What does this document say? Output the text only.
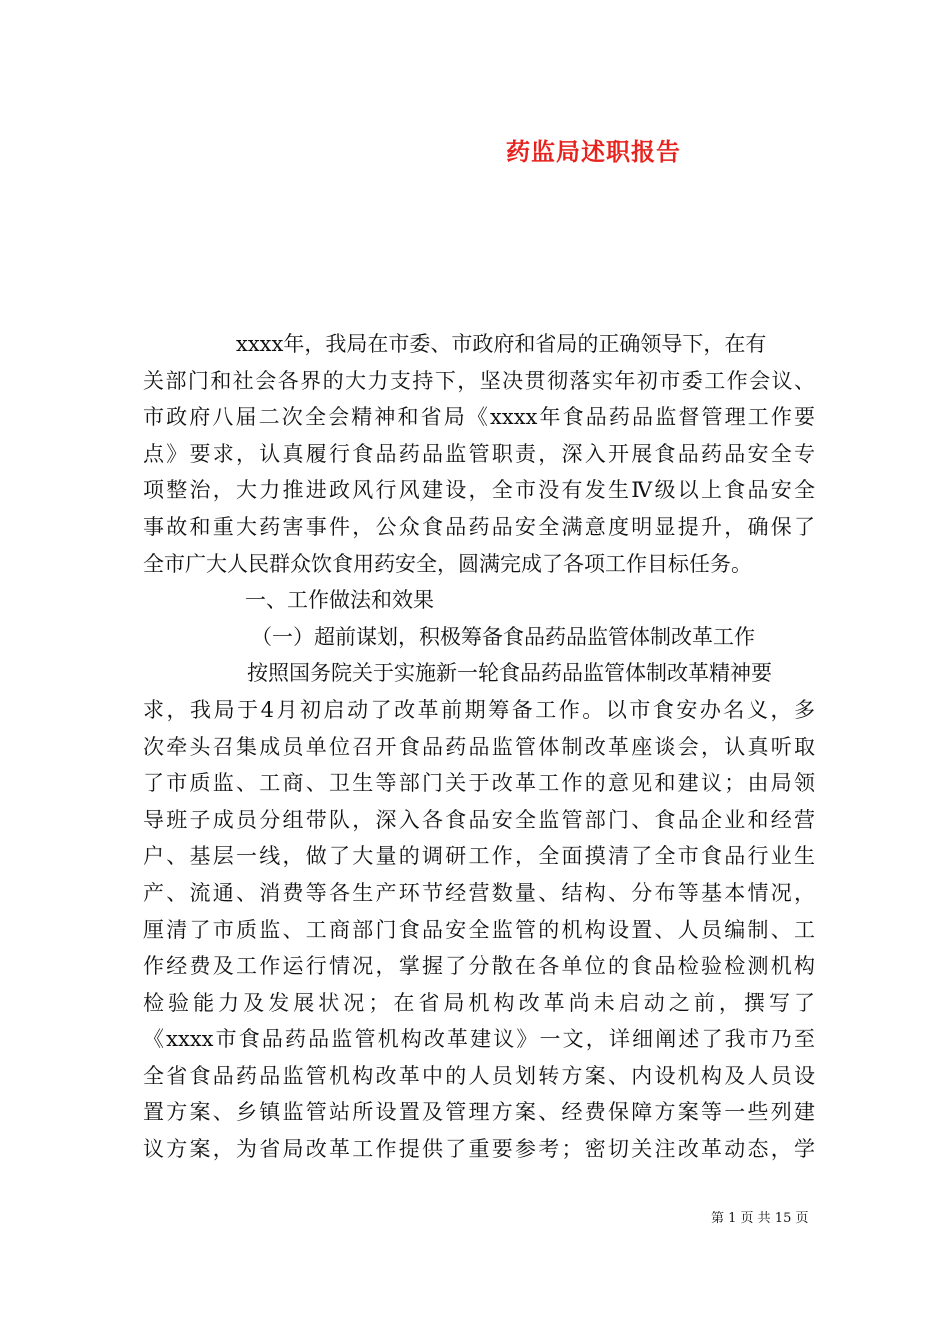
药监局述职报告
xxxx年，我局在市委、市政府和省局的正确领导下，在有
关部门和社会各界的大力支持下，坚决贯彻落实年初市委工作会议、
市政府八届二次全会精神和省局《xxxx年食品药品监督管理工作要
点》要求，认真履行食品药品监管职责，深入开展食品药品安全专
项整治，大力推进政风行风建设，全市没有发生Ⅳ级以上食品安全
事故和重大药害事件，公众食品药品安全满意度明显提升，确保了
全市广大人民群众饮食用药安全，圆满完成了各项工作目标任务。
一、工作做法和效果
（一）超前谋划，积极筹备食品药品监管体制改革工作
按照国务院关于实施新一轮食品药品监管体制改革精神要
求，我局于4月初启动了改革前期筹备工作。以市食安办名义，多
次牵头召集成员单位召开食品药品监管体制改革座谈会，认真听取
了市质监、工商、卫生等部门关于改革工作的意见和建议；由局领
导班子成员分组带队，深入各食品安全监管部门、食品企业和经营
户、基层一线，做了大量的调研工作，全面摸清了全市食品行业生
产、流通、消费等各生产环节经营数量、结构、分布等基本情况，
厘清了市质监、工商部门食品安全监管的机构设置、人员编制、工
作经费及工作运行情况，掌握了分散在各单位的食品检验检测机构
检验能力及发展状况；在省局机构改革尚未启动之前，撰写了
《xxxx市食品药品监管机构改革建议》一文，详细阐述了我市乃至
全省食品药品监管机构改革中的人员划转方案、内设机构及人员设
置方案、乡镇监管站所设置及管理方案、经费保障方案等一些列建
议方案，为省局改革工作提供了重要参考；密切关注改革动态，学
第 1 页 共 15 页
